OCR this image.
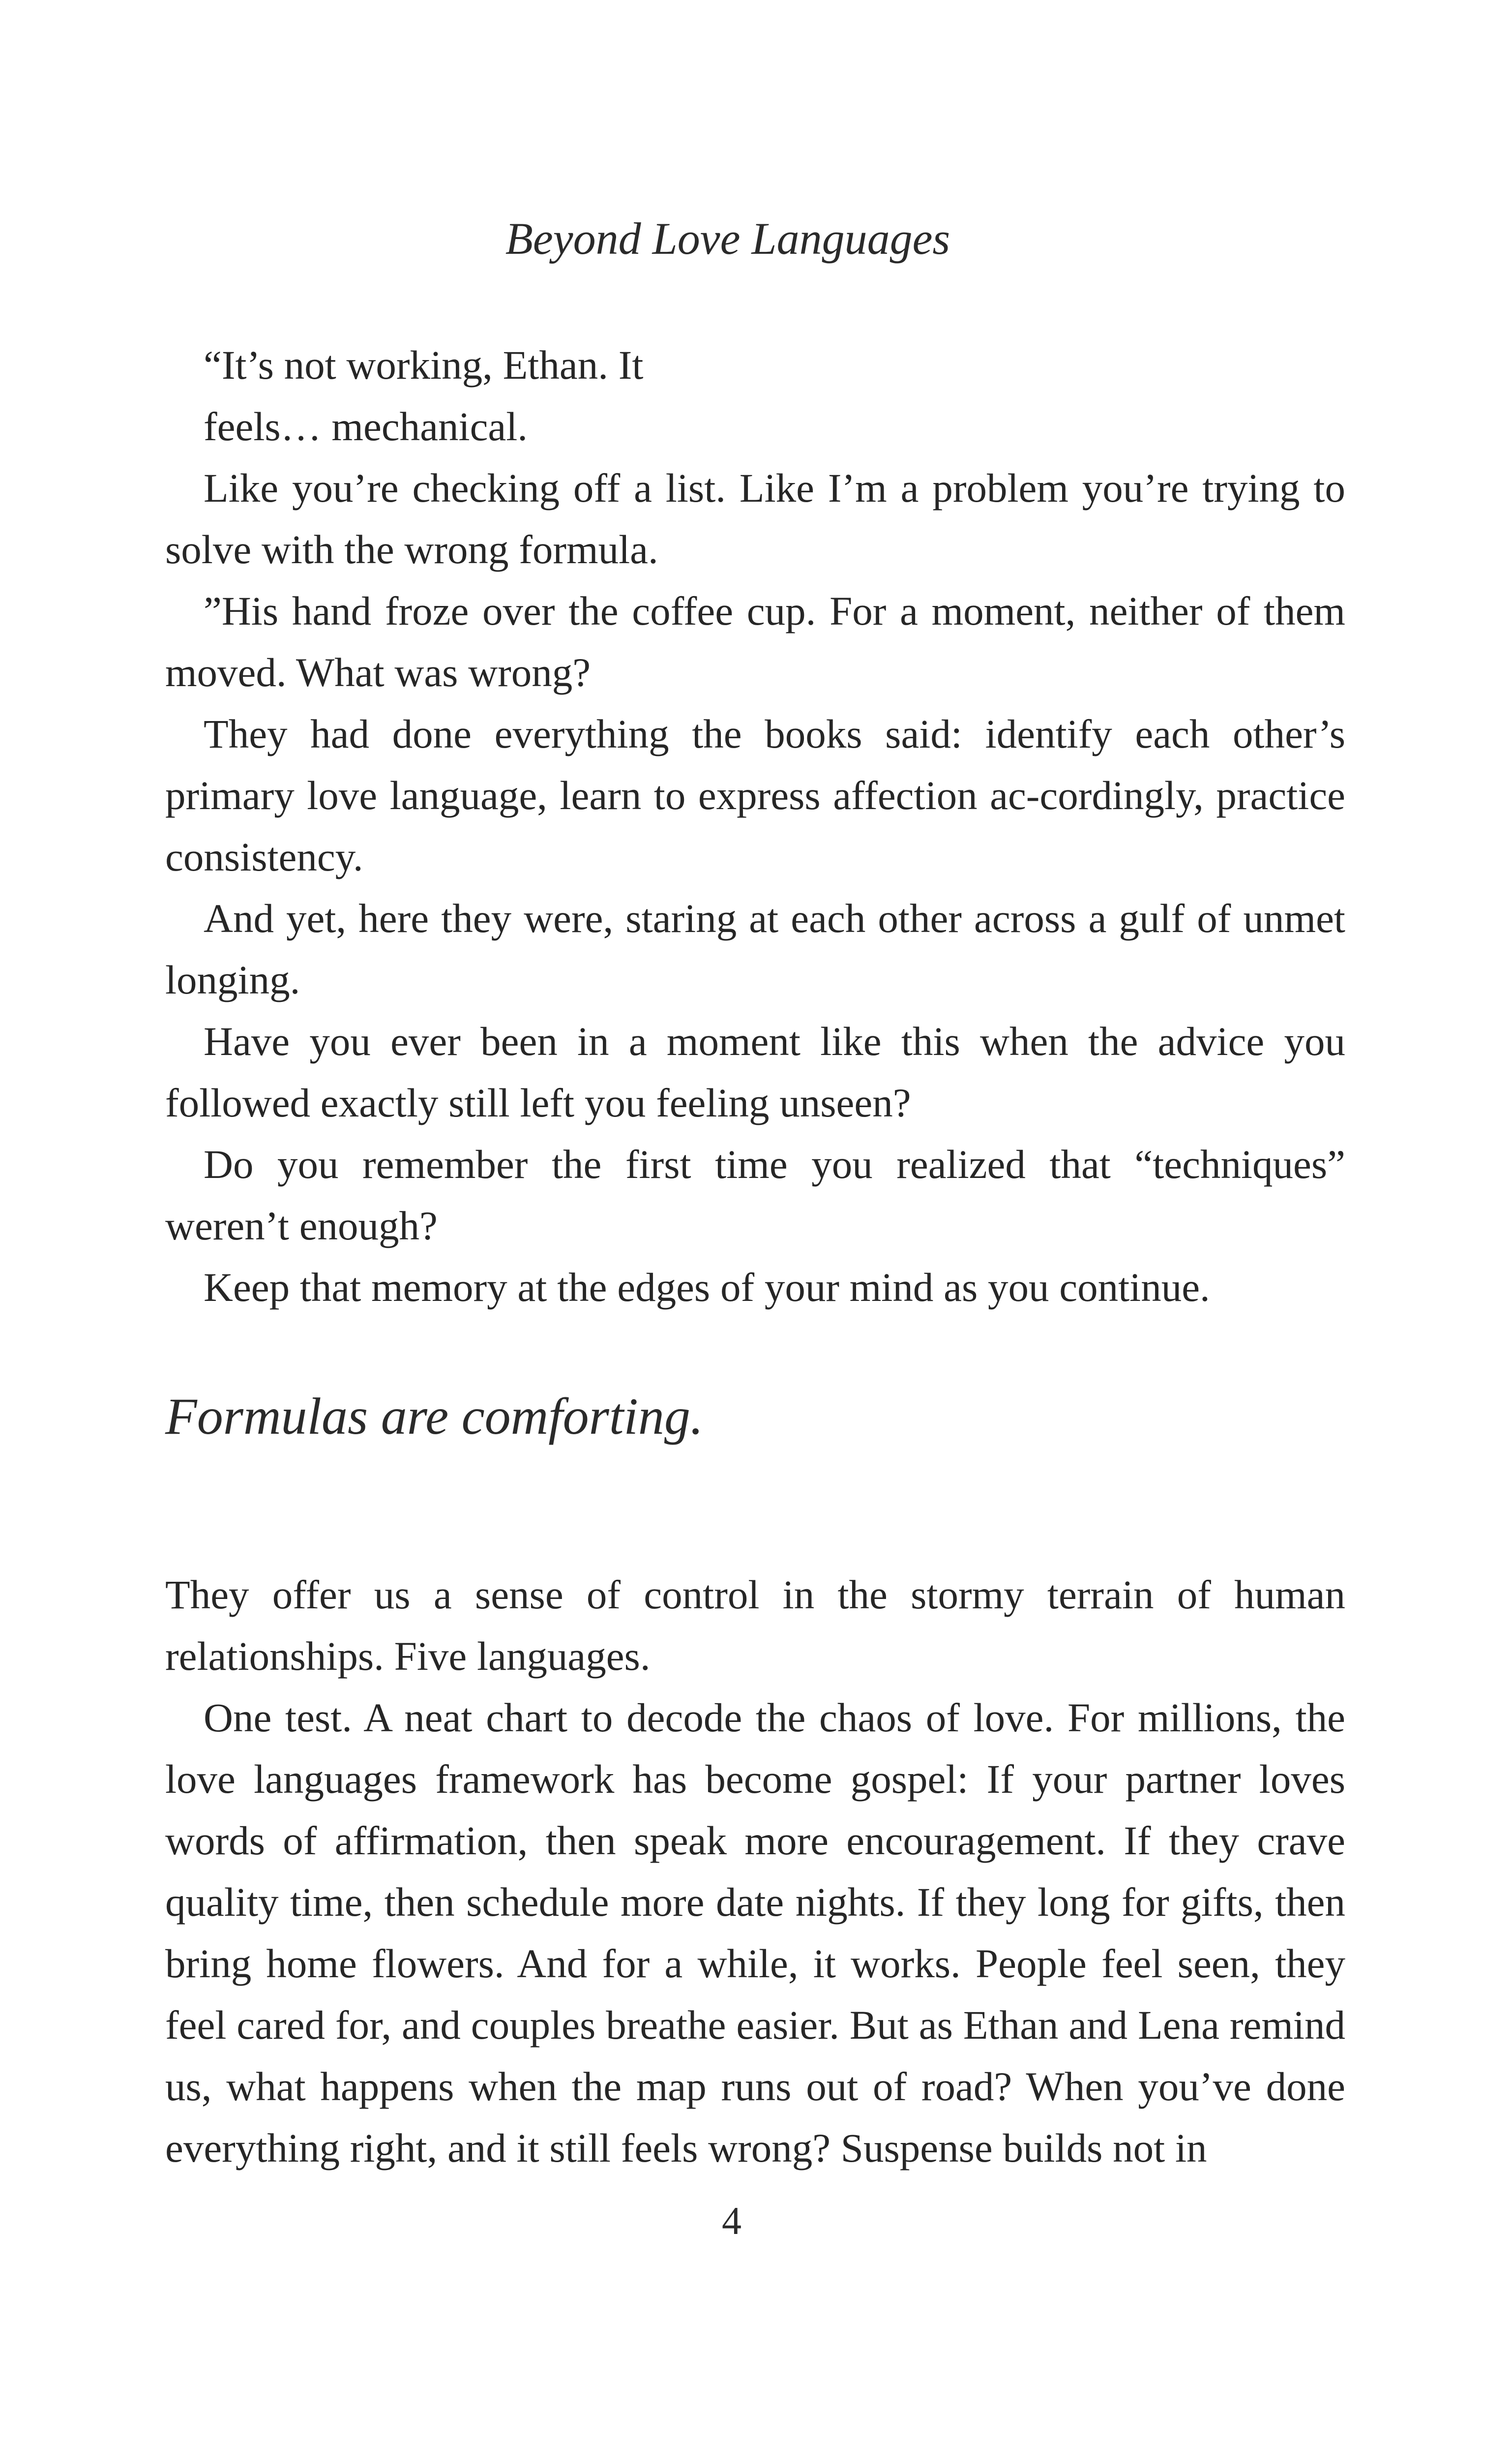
Beyond Love Languages

“It’s not working, Ethan. It

feels… mechanical.

Like you’re checking off a list. Like I’m a problem you’re trying to solve with the wrong formula.

”His hand froze over the coffee cup. For a moment, neither of them moved. What was wrong?

They had done everything the books said: identify each other’s primary love language, learn to express affection ac-cordingly, practice consistency.

And yet, here they were, staring at each other across a gulf of unmet longing.

Have you ever been in a moment like this when the advice you followed exactly still left you feeling unseen?

Do you remember the first time you realized that “techniques” weren’t enough?

Keep that memory at the edges of your mind as you continue.

Formulas are comforting.

They offer us a sense of control in the stormy terrain of human relationships. Five languages.

One test. A neat chart to decode the chaos of love. For millions, the love languages framework has become gospel: If your partner loves words of affirmation, then speak more encouragement. If they crave quality time, then schedule more date nights. If they long for gifts, then bring home flowers. And for a while, it works. People feel seen, they feel cared for, and couples breathe easier. But as Ethan and Lena remind us, what happens when the map runs out of road? When you’ve done everything right, and it still feels wrong? Suspense builds not in

4
